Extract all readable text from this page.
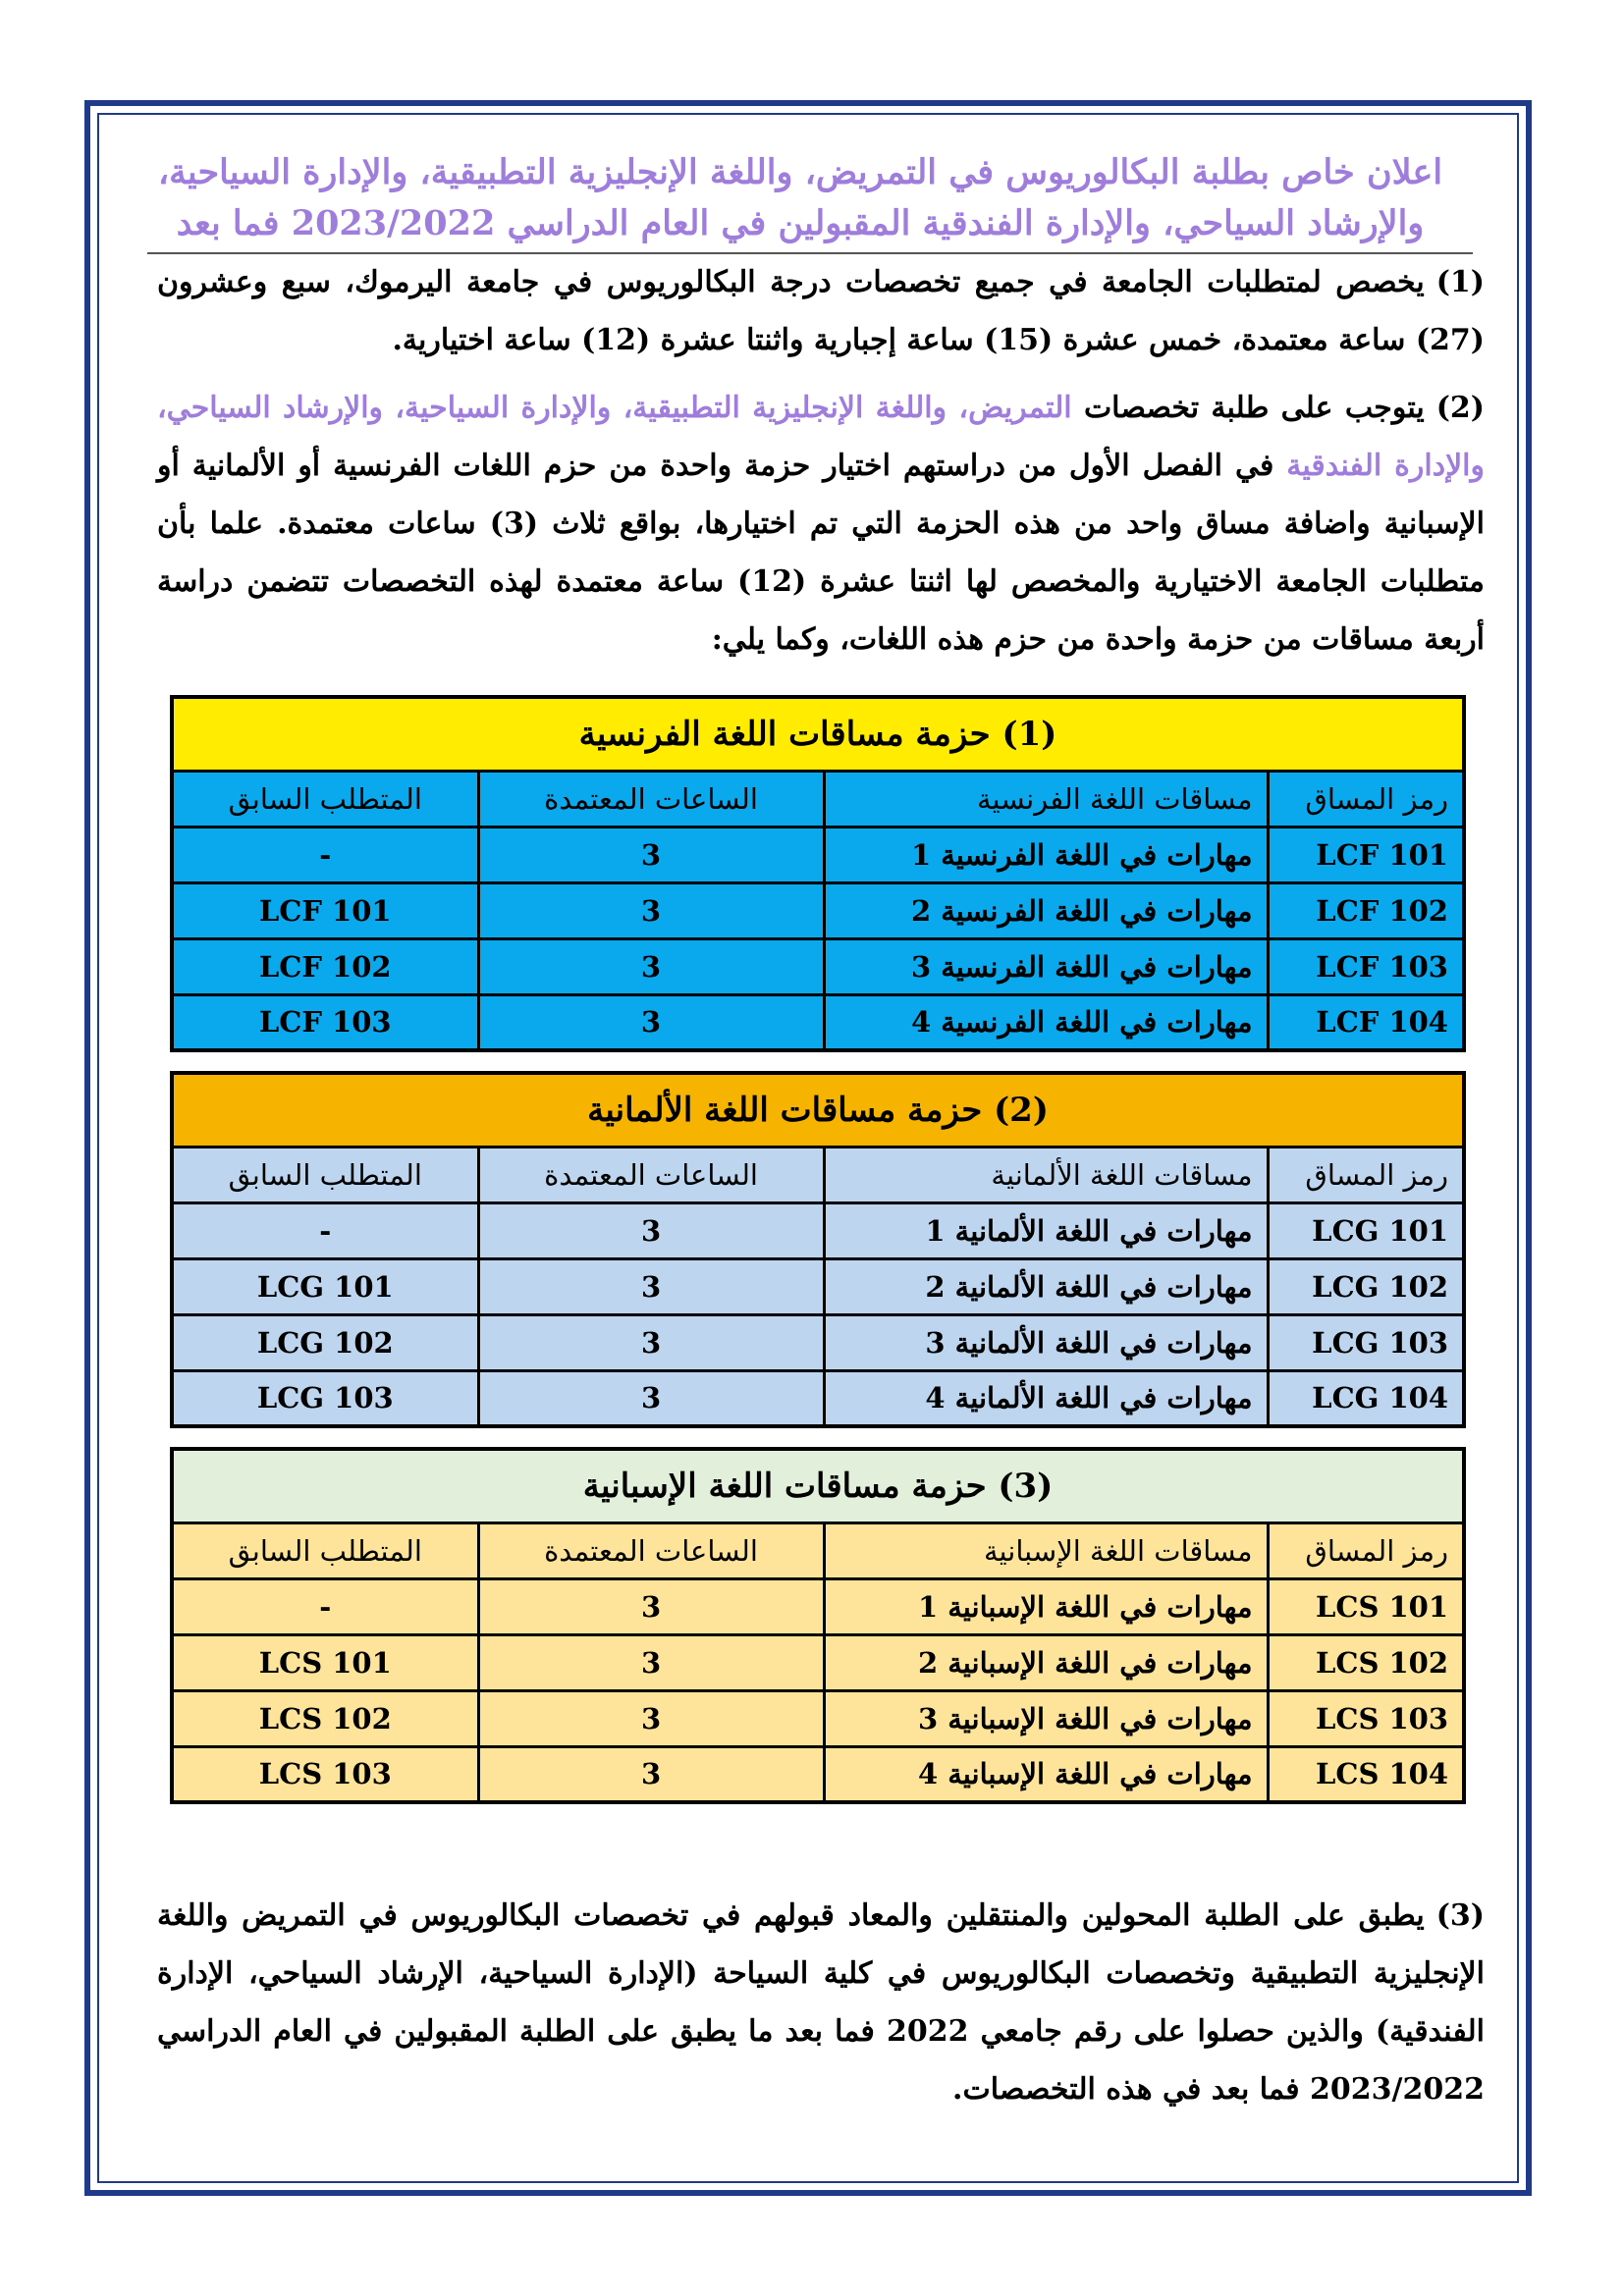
اعلان خاص بطلبة البكالوريوس في التمريض، واللغة الإنجليزية التطبيقية، والإدارة السياحية،
والإرشاد السياحي، والإدارة الفندقية المقبولين في العام الدراسي 2023/2022 فما بعد
(1)يخصص لمتطلبات الجامعة في جميع تخصصات درجة البكالوريوس في جامعة اليرموك، سبع وعشرون (27) ساعة معتمدة، خمس عشرة (15) ساعة إجبارية واثنتا عشرة (12) ساعة اختيارية.
(2)يتوجب على طلبة تخصصات التمريض، واللغة الإنجليزية التطبيقية، والإدارة السياحية، والإرشاد السياحي، والإدارة الفندقية في الفصل الأول من دراستهم اختيار حزمة واحدة من حزم اللغات الفرنسية أو الألمانية أو الإسبانية واضافة مساق واحد من هذه الحزمة التي تم اختيارها، بواقع ثلاث (3) ساعات معتمدة. علما بأن متطلبات الجامعة الاختيارية والمخصص لها اثنتا عشرة (12) ساعة معتمدة لهذه التخصصات تتضمن دراسة أربعة مساقات من حزمة واحدة من حزم هذه اللغات، وكما يلي:
(1) حزمة مساقات اللغة الفرنسية			
رمز المساق	مساقات اللغة الفرنسية	الساعات المعتمدة	المتطلب السابق
LCF 101	مهارات في اللغة الفرنسية 1	3	-
LCF 102	مهارات في اللغة الفرنسية 2	3	LCF 101
LCF 103	مهارات في اللغة الفرنسية 3	3	LCF 102
LCF 104	مهارات في اللغة الفرنسية 4	3	LCF 103
(2) حزمة مساقات اللغة الألمانية			
رمز المساق	مساقات اللغة الألمانية	الساعات المعتمدة	المتطلب السابق
LCG 101	مهارات في اللغة الألمانية 1	3	-
LCG 102	مهارات في اللغة الألمانية 2	3	LCG 101
LCG 103	مهارات في اللغة الألمانية 3	3	LCG 102
LCG 104	مهارات في اللغة الألمانية 4	3	LCG 103
(3) حزمة مساقات اللغة الإسبانية			
رمز المساق	مساقات اللغة الإسبانية	الساعات المعتمدة	المتطلب السابق
LCS 101	مهارات في اللغة الإسبانية 1	3	-
LCS 102	مهارات في اللغة الإسبانية 2	3	LCS 101
LCS 103	مهارات في اللغة الإسبانية 3	3	LCS 102
LCS 104	مهارات في اللغة الإسبانية 4	3	LCS 103
(3)يطبق على الطلبة المحولين والمنتقلين والمعاد قبولهم في تخصصات البكالوريوس في التمريض واللغة الإنجليزية التطبيقية وتخصصات البكالوريوس في كلية السياحة (الإدارة السياحية، الإرشاد السياحي، الإدارة الفندقية) والذين حصلوا على رقم جامعي 2022 فما بعد ما يطبق على الطلبة المقبولين في العام الدراسي 2023/2022 فما بعد في هذه التخصصات.
